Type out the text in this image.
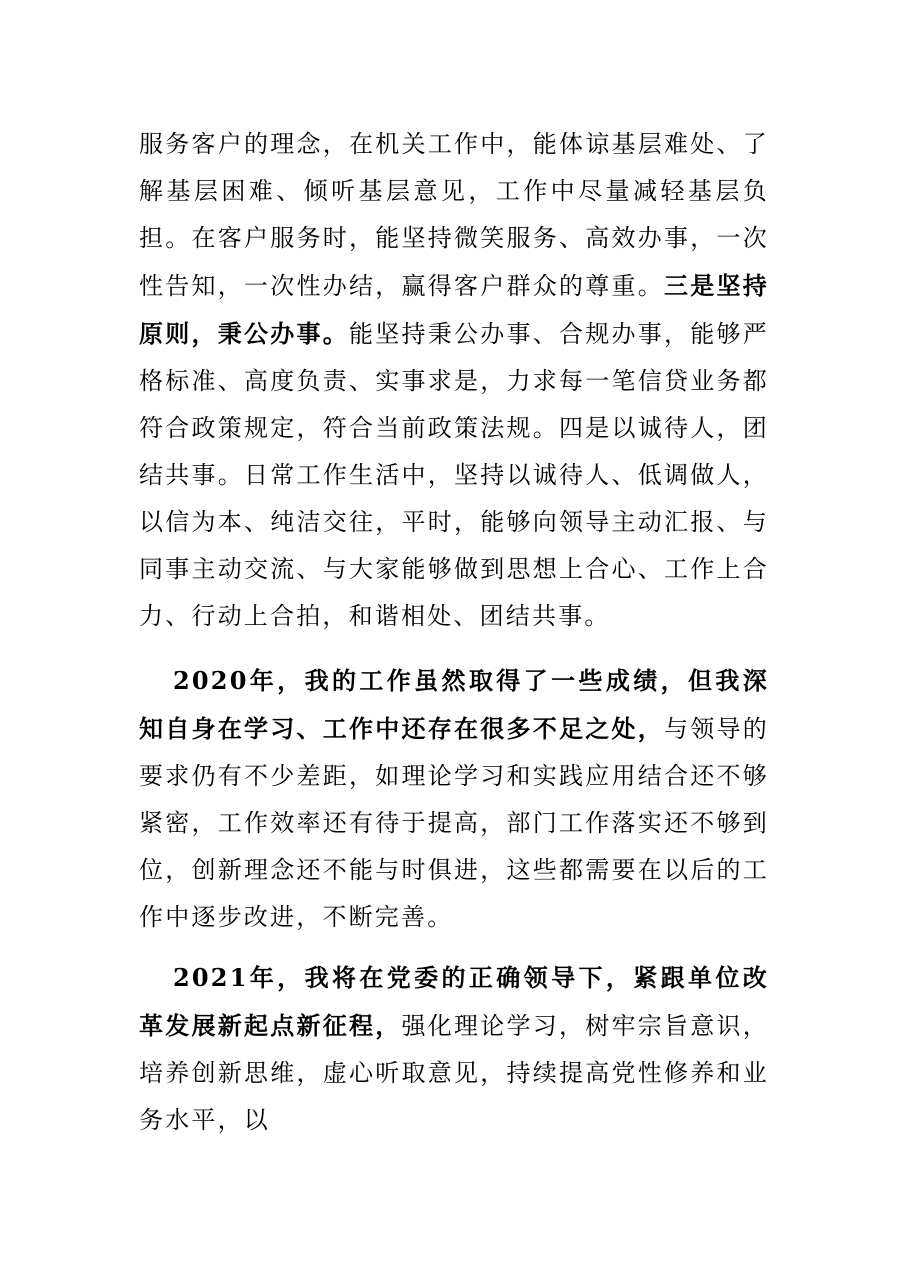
服务客户的理念，在机关工作中，能体谅基层难处、了解基层困难、倾听基层意见，工作中尽量减轻基层负担。在客户服务时，能坚持微笑服务、高效办事，一次性告知，一次性办结，赢得客户群众的尊重。三是坚持原则，秉公办事。能坚持秉公办事、合规办事，能够严格标准、高度负责、实事求是，力求每一笔信贷业务都符合政策规定，符合当前政策法规。四是以诚待人，团结共事。日常工作生活中，坚持以诚待人、低调做人，以信为本、纯洁交往，平时，能够向领导主动汇报、与同事主动交流、与大家能够做到思想上合心、工作上合力、行动上合拍，和谐相处、团结共事。

2020年，我的工作虽然取得了一些成绩，但我深知自身在学习、工作中还存在很多不足之处，与领导的要求仍有不少差距，如理论学习和实践应用结合还不够紧密，工作效率还有待于提高，部门工作落实还不够到位，创新理念还不能与时俱进，这些都需要在以后的工作中逐步改进，不断完善。

2021年，我将在党委的正确领导下，紧跟单位改革发展新起点新征程，强化理论学习，树牢宗旨意识，培养创新思维，虚心听取意见，持续提高党性修养和业务水平，以
